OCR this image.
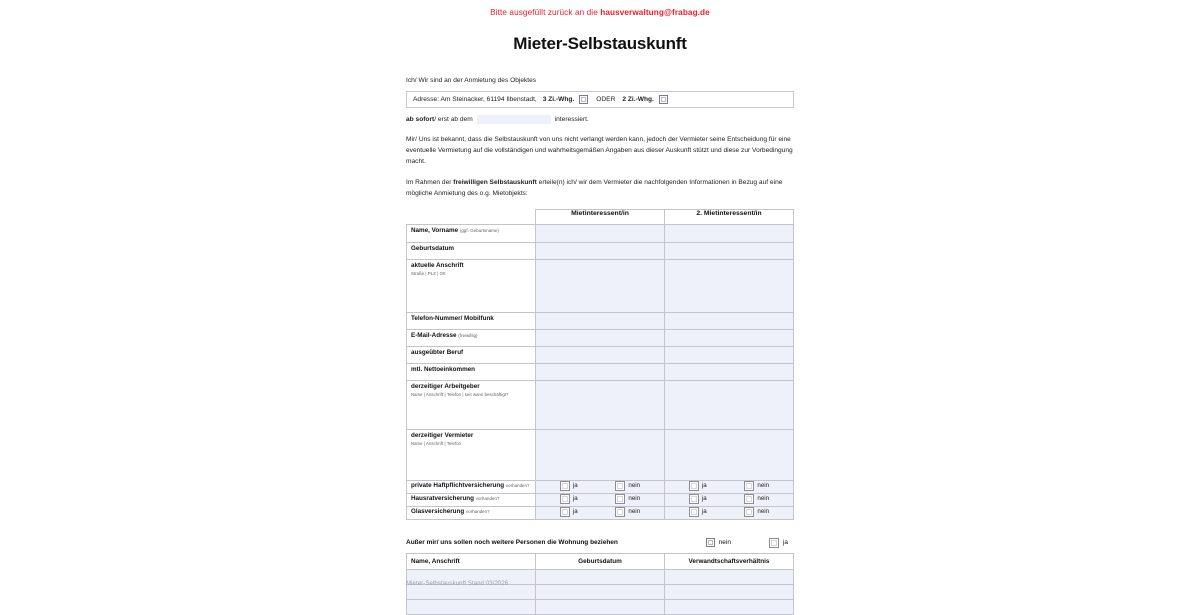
Bitte ausgefüllt zurück an die hausverwaltung@frabag.de
Mieter-Selbstauskunft
Ich/ Wir sind an der Anmietung des Objektes
Adresse: Am Steinacker, 61194 Ilbenstadt, 3 Zi.-Whg.	ODER 2 Zi.-Whg.
ab sofort / erst ab dem	interessiert.
Mir/ Uns ist bekannt, dass die Selbstauskunft von uns nicht verlangt werden kann, jedoch der Vermieter seine Entscheidung für eine eventuelle Vermietung auf die vollständigen und wahrheitsgemäßen Angaben aus dieser Auskunft stützt und diese zur Vorbedingung macht.
Im Rahmen der freiwilligen Selbstauskunft erteile(n) ich/ wir dem Vermieter die nachfolgenden Informationen in Bezug auf eine mögliche Anmietung des o.g. Mietobjekts:
	Mietinteressent/in	2. Mietinteressent/in
Name, Vorname (ggf. Geburtsname)		
Geburtsdatum		
aktuelle Anschrift
Straße | PLZ | Ort		

Telefon-Nummer/ Mobilfunk		
E-Mail-Adresse (freiwillig)		
ausgeübter Beruf		
mtl. Nettoeinkommen		
derzeitiger Arbeitgeber
Name | Anschrift | Telefon | seit wann beschäftigt?		

derzeitiger Vermieter
Name | Anschrift | Telefon		

private Haftpflichtversicherung vorhanden?	ja nein	ja nein

Hausratversicherung vorhanden?	ja nein	ja nein

Glasversicherung vorhanden?	ja nein	ja nein
Außer mir/ uns sollen noch weitere Personen die Wohnung beziehen	nein	ja
Name, Anschrift	Geburtsdatum	Verwandtschaftsverhältnis

Mieter-Selbstauskunft Stand 03/2026
